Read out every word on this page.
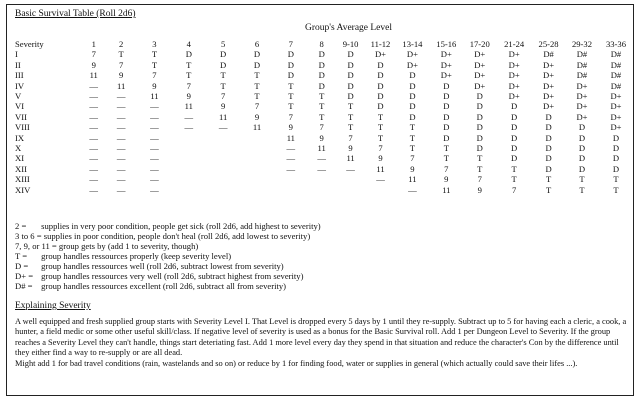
Basic Survival Table (Roll 2d6)
Group's Average Level
Severity	1	2	3	4	5	6	7	8	9-10	11-12	13-14	15-16	17-20	21-24	25-28	29-32	33-36
I	7	T	T	D	D	D	D	D	D	D+	D+	D+	D+	D+	D#	D#	D#
II	9	7	T	T	D	D	D	D	D	D	D+	D+	D+	D+	D+	D#	D#
III	11	9	7	T	T	T	D	D	D	D	D	D+	D+	D+	D+	D#	D#
IV	—	11	9	7	T	T	T	D	D	D	D	D	D+	D+	D+	D+	D#
V	—	—	11	9	7	T	T	T	D	D	D	D	D	D+	D+	D+	D+
VI	—	—	—	11	9	7	T	T	T	D	D	D	D	D	D+	D+	D+
VII	—	—	—	—	11	9	7	T	T	T	D	D	D	D	D	D+	D+
VIII	—	—	—	—	—	11	9	7	T	T	T	D	D	D	D	D	D+
IX	—	—	—				11	9	7	T	T	D	D	D	D	D	D
X	—	—	—				—	11	9	7	T	T	D	D	D	D	D
XI	—	—	—				—	—	11	9	7	T	T	D	D	D	D
XII	—	—	—				—	—	—	11	9	7	T	T	D	D	D
XIII	—	—	—							—	11	9	7	T	T	T	T
XIV	—	—	—								—	11	9	7	T	T	T
2 =
	supplies in very poor condition, people get sick (roll 2d6, add highest to severity)
3 to 6 =
supplies in poor condition, people don't heal (roll 2d6, add lowest to severity)
7, 9, or 11 =
group gets by (add 1 to severity, though)
T =
	group handles ressources properly (keep severity level)
D =
	group handles ressources well (roll 2d6, subtract lowest from severity)
D+ =
group handles ressources very well (roll 2d6, subtract highest from severity)
D# =
	group handles ressources excellent (roll 2d6, subtract all from severity)
Explaining Severity

A well equipped and fresh supplied group starts with Severity Level I. That Level is dropped every 5 days by 1 until they re-supply. Subtract up to 5 for having each a cleric, a cook, a hunter, a field medic or some other useful skill/class. If negative level of severity is used as a bonus for the Basic Survival roll. Add 1 per Dungeon Level to Severity. If the group reaches a Severity Level they can't handle, things start deteriating fast. Add 1 more level every day they spend in that situation and reduce the character's Con by the difference until they either find a way to re-supply or are all dead.

Might add 1 for bad travel conditions (rain, wastelands and so on) or reduce by 1 for finding food, water or supplies in general (which actually could save their lifes ...).
